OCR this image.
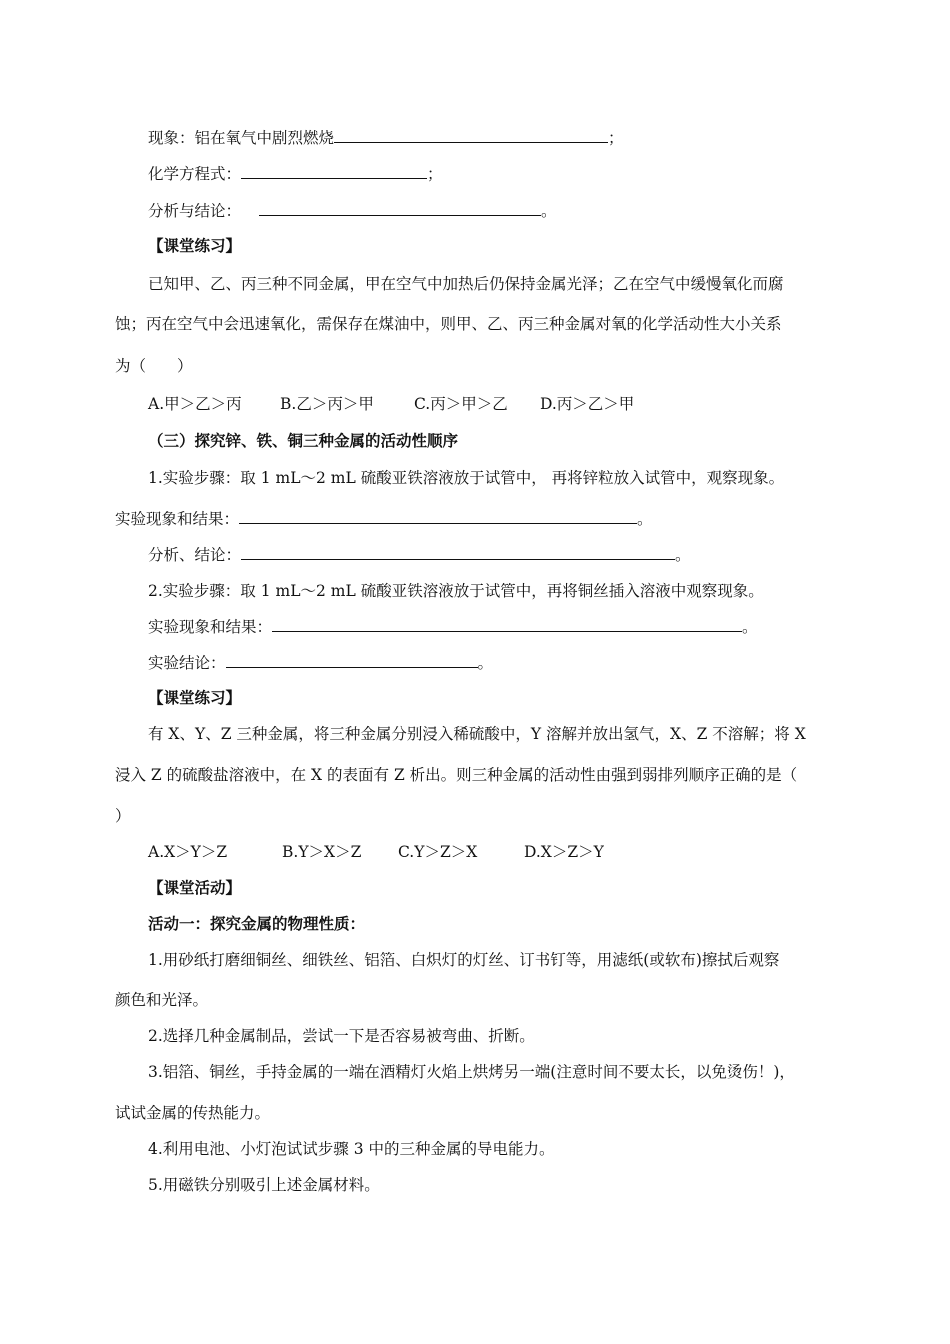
现象：铝在氧气中剧烈燃烧	；
化学方程式：	；
分析与结论：	。
【课堂练习】
已知甲、乙、丙三种不同金属，甲在空气中加热后仍保持金属光泽；乙在空气中缓慢氧化而腐
蚀；丙在空气中会迅速氧化，需保存在煤油中，则甲、乙、丙三种金属对氧的化学活动性大小关系
为（　　）
A.甲＞乙＞丙 B.乙＞丙＞甲	C.丙＞甲＞乙 D.丙＞乙＞甲
（三）探究锌、铁、铜三种金属的活动性顺序
1.实验步骤：取 1 mL～2 mL 硫酸亚铁溶液放于试管中， 再将锌粒放入试管中，观察现象。
实验现象和结果：	。
分析、结论：	。
2.实验步骤：取 1 mL～2 mL 硫酸亚铁溶液放于试管中，再将铜丝插入溶液中观察现象。
实验现象和结果：	。
实验结论：	。
【课堂练习】
有 X、Y、Z 三种金属，将三种金属分别浸入稀硫酸中，Y 溶解并放出氢气，X、Z 不溶解；将 X
浸入 Z 的硫酸盐溶液中，在 X 的表面有 Z 析出。则三种金属的活动性由强到弱排列顺序正确的是（
）
A.X＞Y＞Z	B.Y＞X＞Z C.Y＞Z＞X	D.X＞Z＞Y
【课堂活动】
活动一：探究金属的物理性质：
1.用砂纸打磨细铜丝、细铁丝、铝箔、白炽灯的灯丝、订书钉等，用滤纸(或软布)擦拭后观察
颜色和光泽。
2.选择几种金属制品，尝试一下是否容易被弯曲、折断。
3.铝箔、铜丝，手持金属的一端在酒精灯火焰上烘烤另一端(注意时间不要太长，以免烫伤！)，
试试金属的传热能力。
4.利用电池、小灯泡试试步骤 3 中的三种金属的导电能力。
5.用磁铁分别吸引上述金属材料。
